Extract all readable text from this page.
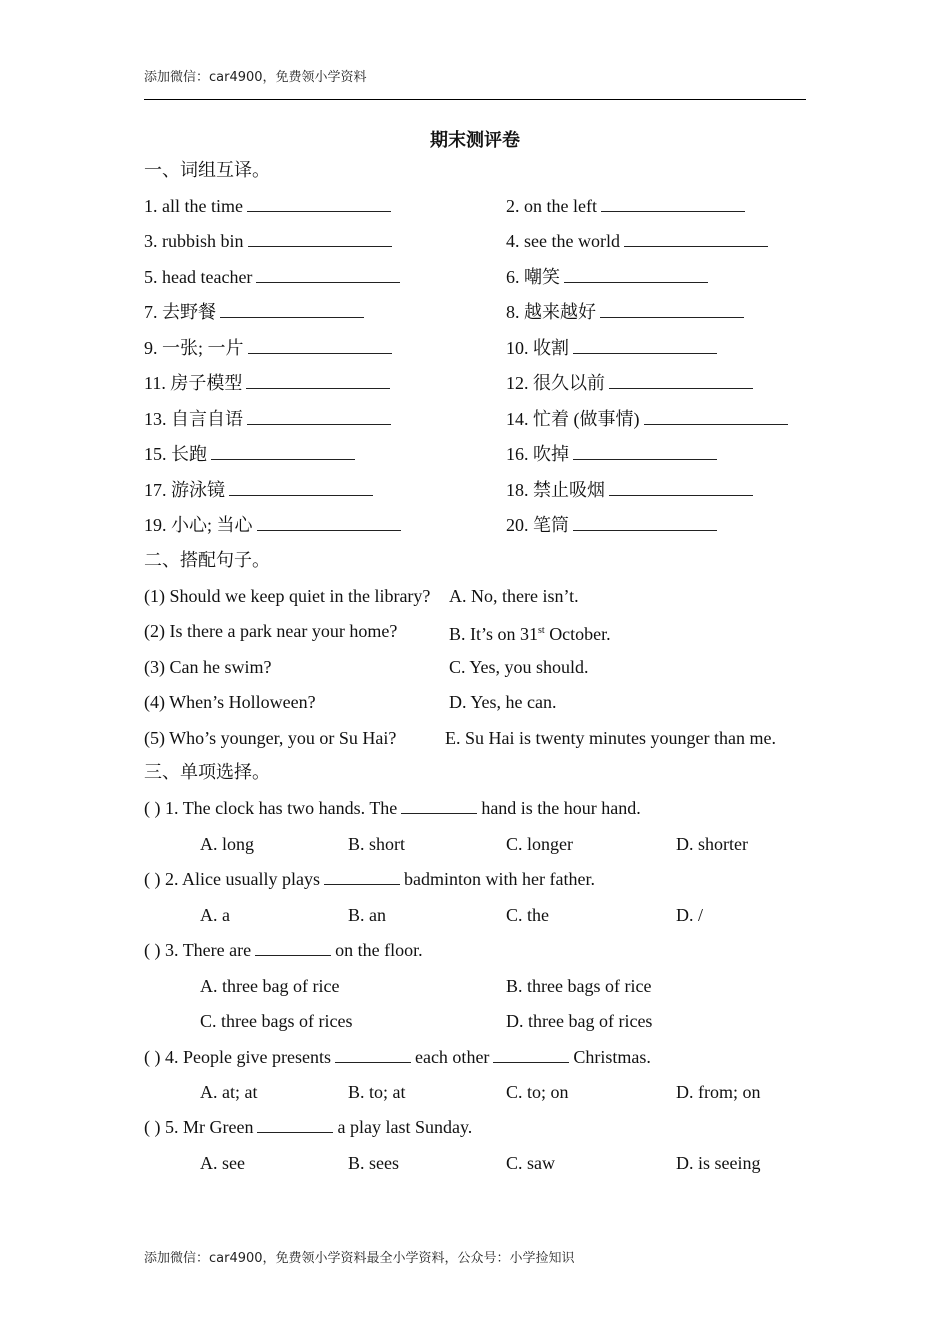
添加微信：car4900，免费领小学资料
期末测评卷
一、词组互译。
1. all the time	2. on the left
3. rubbish bin	4. see the world
5. head teacher	6. 嘲笑
7. 去野餐	8. 越来越好
9. 一张; 一片	10. 收割
11. 房子模型	12. 很久以前
13. 自言自语	14. 忙着 (做事情)
15. 长跑	16. 吹掉
17. 游泳镜	18. 禁止吸烟
19. 小心; 当心	20. 笔筒
二、搭配句子。
(1) Should we keep quiet in the library? A. No, there isn’t.
(2) Is there a park near your home?	B. It’s on 31st October.
(3) Can he swim?	C. Yes, you should.
(4) When’s Holloween?	D. Yes, he can.
(5) Who’s younger, you or Su Hai?	E. Su Hai is twenty minutes younger than me.
三、单项选择。
( ) 1. The clock has two hands. The	hand is the hour hand.
A. long	B. short	C. longer	D. shorter
( ) 2. Alice usually plays	badminton with her father.
A. a	B. an	C. the	D. /
( ) 3. There are	on the floor.
A. three bag of rice	B. three bags of rice
C. three bags of rices	D. three bag of rices
( ) 4. People give presents	each other	Christmas.
A. at; at	B. to; at	C. to; on	D. from; on
( ) 5. Mr Green	a play last Sunday.
A. see	B. sees	C. saw	D. is seeing
添加微信：car4900，免费领小学资料最全小学资料，公众号：小学捡知识
